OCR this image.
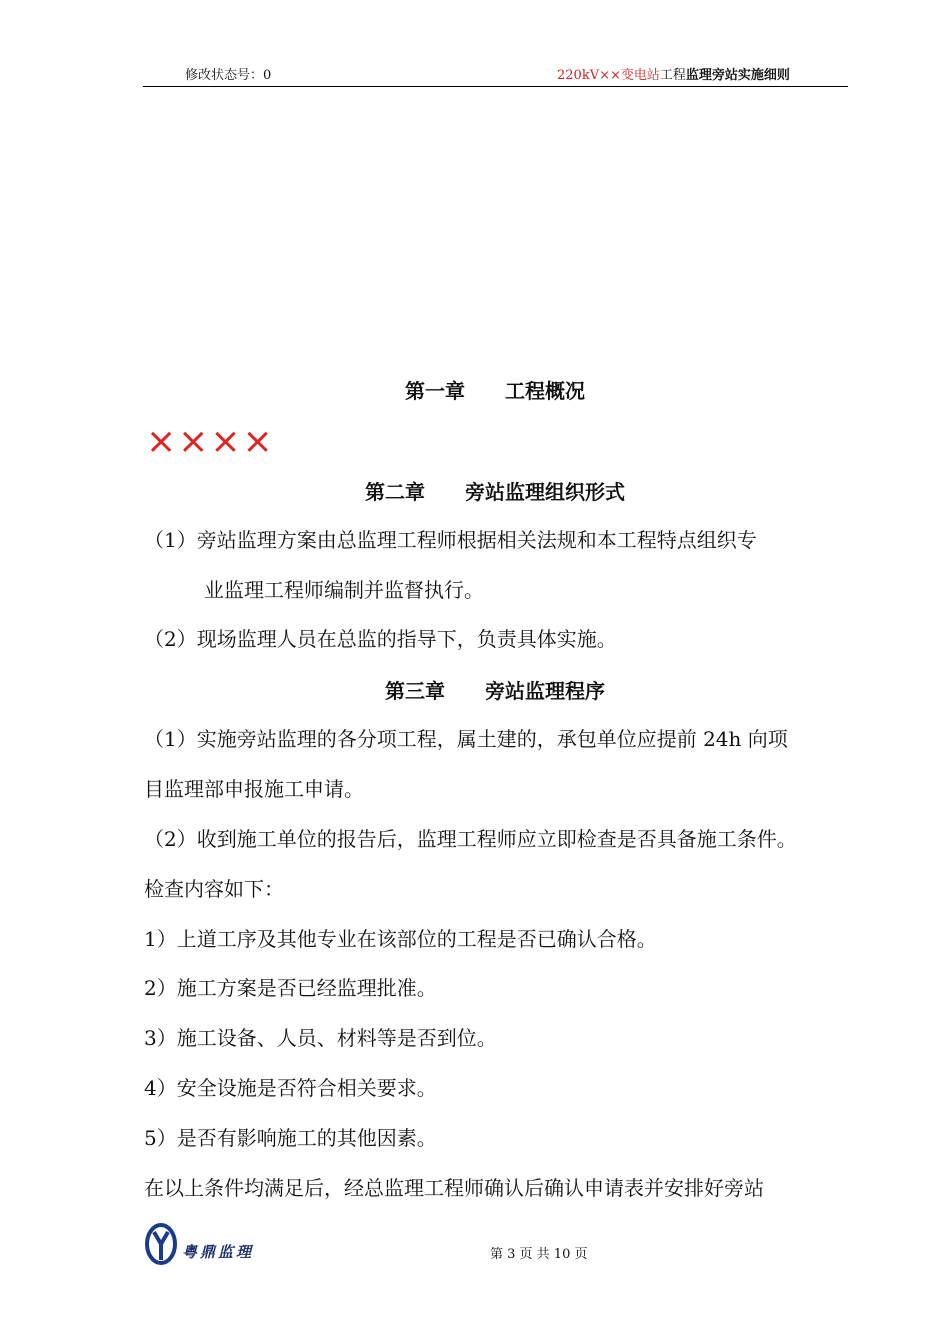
修改状态号：0	220kV××变电站工程监理旁站实施细则
第一章　　工程概况
××××
第二章　　旁站监理组织形式
（1）旁站监理方案由总监理工程师根据相关法规和本工程特点组织专
业监理工程师编制并监督执行。
（2）现场监理人员在总监的指导下，负责具体实施。
第三章　　旁站监理程序
（1）实施旁站监理的各分项工程，属土建的，承包单位应提前 24h 向项
目监理部申报施工申请。
（2）收到施工单位的报告后，监理工程师应立即检查是否具备施工条件。
检查内容如下：
1）上道工序及其他专业在该部位的工程是否已确认合格。
2）施工方案是否已经监理批准。
3）施工设备、人员、材料等是否到位。
4）安全设施是否符合相关要求。
5）是否有影响施工的其他因素。
在以上条件均满足后，经总监理工程师确认后确认申请表并安排好旁站
粤鼎监理	第 3 页 共 10 页
